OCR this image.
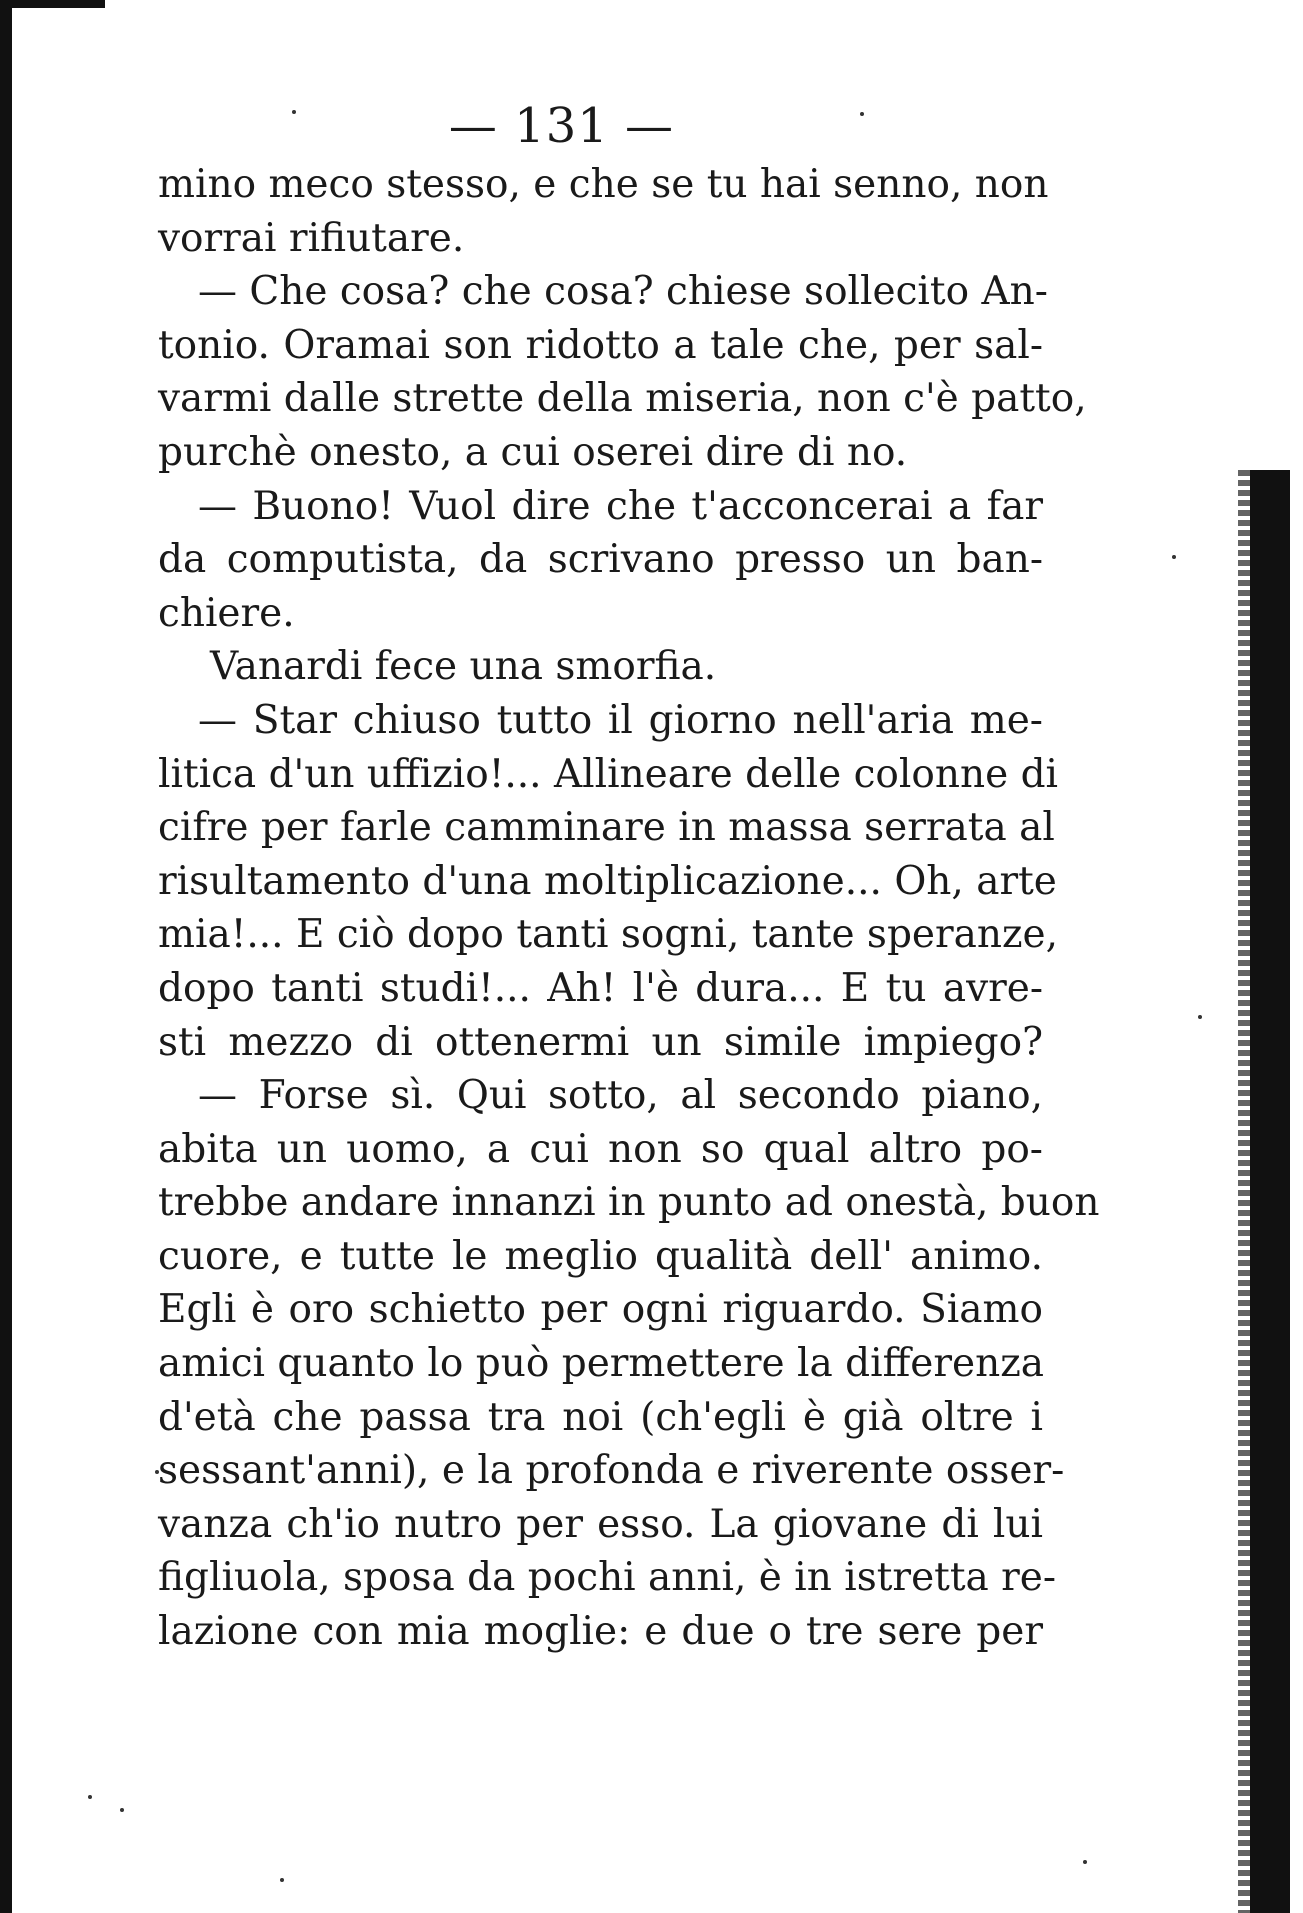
— 131 —
mino meco stesso, e che se tu hai senno, non
vorrai rifiutare.
— Che cosa? che cosa? chiese sollecito An-
tonio. Oramai son ridotto a tale che, per sal-
varmi dalle strette della miseria, non c'è patto,
purchè onesto, a cui oserei dire di no.
— Buono! Vuol dire che t'acconcerai a far
da computista, da scrivano presso un ban-
chiere.
Vanardi fece una smorfia.
— Star chiuso tutto il giorno nell'aria me-
litica d'un uffizio!... Allineare delle colonne di
cifre per farle camminare in massa serrata al
risultamento d'una moltiplicazione... Oh, arte
mia!... E ciò dopo tanti sogni, tante speranze,
dopo tanti studi!... Ah! l'è dura... E tu avre-
sti mezzo di ottenermi un simile impiego?
— Forse sì. Qui sotto, al secondo piano,
abita un uomo, a cui non so qual altro po-
trebbe andare innanzi in punto ad onestà, buon
cuore, e tutte le meglio qualità dell' animo.
Egli è oro schietto per ogni riguardo. Siamo
amici quanto lo può permettere la differenza
d'età che passa tra noi (ch'egli è già oltre i
sessant'anni), e la profonda e riverente osser-
vanza ch'io nutro per esso. La giovane di lui
figliuola, sposa da pochi anni, è in istretta re-
lazione con mia moglie: e due o tre sere per
